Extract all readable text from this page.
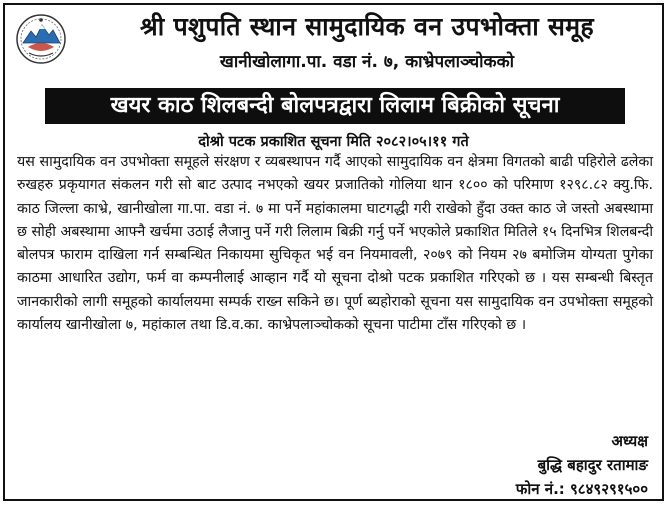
श्री पशुपति स्थान सामुदायिक वन उपभोक्ता समूह
खानीखोलागा.पा. वडा नं. ७, काभ्रेपलाञ्चोकको
खयर काठ शिलबन्दी बोलपत्रद्वारा लिलाम बिक्रीको सूचना
दोश्रो पटक प्रकाशित सूचना मिति २०८२।०५।११ गते
यस सामुदायिक वन उपभोक्ता समूहले संरक्षण र व्यबस्थापन गर्दै आएको सामुदायिक वन क्षेत्रमा विगतको बाढी पहिरोले ढलेका रुखहरु प्रकृयागत संकलन गरी सो बाट उत्पाद नभएको खयर प्रजातिको गोलिया थान १८०० को परिमाण १२९८.८२ क्यु.फि. काठ जिल्ला काभ्रे, खानीखोला गा.पा. वडा नं. ७ मा पर्ने महांकालमा घाटगद्धी गरी राखेको हुँदा उक्त काठ जे जस्तो अबस्थामा छ सोही अबस्थामा आफ्नै खर्चमा उठाई लैजानु पर्ने गरी लिलाम बिक्री गर्नु पर्ने भएकोले प्रकाशित मितिले १५ दिनभित्र शिलबन्दी बोलपत्र फाराम दाखिला गर्न सम्बन्धित निकायमा सुचिकृत भई वन नियमावली, २०७९ को नियम २७ बमोजिम योग्यता पुगेका काठमा आधारित उद्योग, फर्म वा कम्पनीलाई आव्हान गर्दै यो सूचना दोश्रो पटक प्रकाशित गरिएको छ । यस सम्बन्धी बिस्तृत जानकारीको लागी समूहको कार्यालयमा सम्पर्क राख्न सकिने छ। पूर्ण ब्यहोराको सूचना यस सामुदायिक वन उपभोक्ता समूहको कार्यालय खानीखोला ७, महांकाल तथा डि.व.का. काभ्रेपलाञ्चोकको सूचना पाटीमा टाँस गरिएको छ ।
अध्यक्ष
बुद्धि बहादुर रतामाङ
फोन नं.: ९८४९२९१५००
